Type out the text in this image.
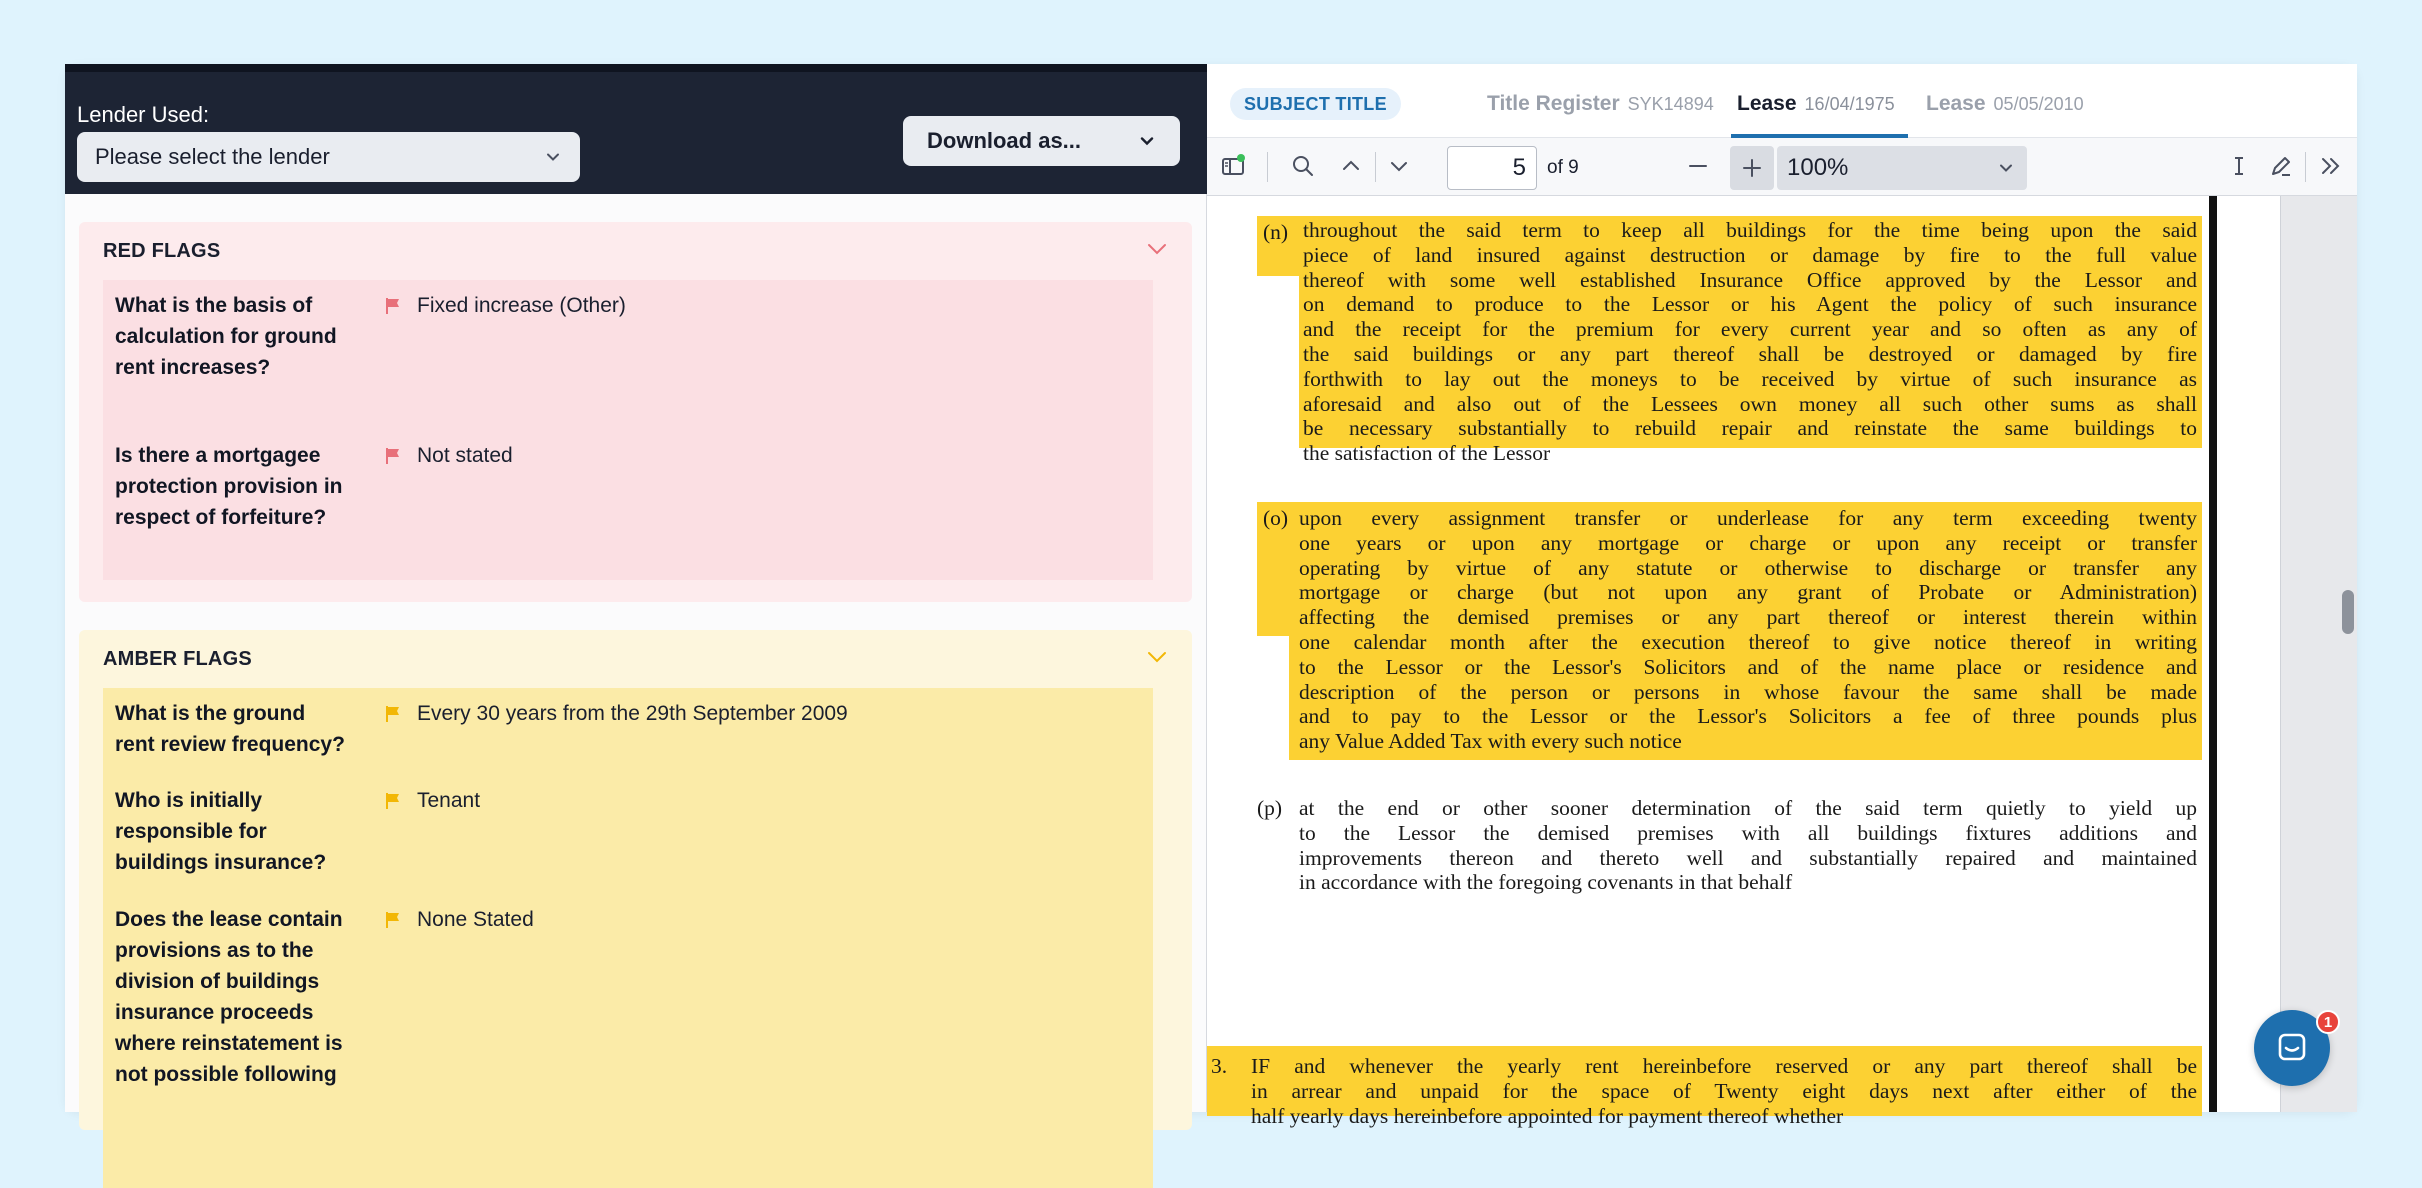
Lender Used:
Please select the lender
Download as...
RED FLAGS
What is the basis of calculation for ground rent increases?
Fixed increase (Other)
Is there a mortgagee protection provision in respect of forfeiture?
Not stated
AMBER FLAGS
What is the ground rent review frequency?
Every 30 years from the 29th September 2009
Who is initially responsible for buildings insurance?
Tenant
Does the lease contain provisions as to the division of buildings insurance proceeds where reinstatement is not possible following
None Stated
SUBJECT TITLE	Title Register SYK14894 Lease 16/04/1975 Lease 05/05/2010
5
of 9	100%
(n) throughout the said term to keep all buildings for the time being upon the said
piece of land insured against destruction or damage by fire to the full value
thereof with some well established Insurance Office approved by the Lessor and
on demand to produce to the Lessor or his Agent the policy of such insurance
and the receipt for the premium for every current year and so often as any of
the said buildings or any part thereof shall be destroyed or damaged by fire
forthwith to lay out the moneys to be received by virtue of such insurance as
aforesaid and also out of the Lessees own money all such other sums as shall
be necessary substantially to rebuild repair and reinstate the same buildings to
the satisfaction of the Lessor
(o) upon every assignment transfer or underlease for any term exceeding twenty
one years or upon any mortgage or charge or upon any receipt or transfer
operating by virtue of any statute or otherwise to discharge or transfer any
mortgage or charge (but not upon any grant of Probate or Administration)
affecting the demised premises or any part thereof or interest therein within
one calendar month after the execution thereof to give notice thereof in writing
to the Lessor or the Lessor's Solicitors and of the name place or residence and
description of the person or persons in whose favour the same shall be made
and to pay to the Lessor or the Lessor's Solicitors a fee of three pounds plus
any Value Added Tax with every such notice
(p) at the end or other sooner determination of the said term quietly to yield up
to the Lessor the demised premises with all buildings fixtures additions and
improvements thereon and thereto well and substantially repaired and maintained
in accordance with the foregoing covenants in that behalf
3. IF and whenever the yearly rent hereinbefore reserved or any part thereof shall be
in arrear and unpaid for the space of Twenty eight days next after either of the
half yearly days hereinbefore appointed for payment thereof whether
1
